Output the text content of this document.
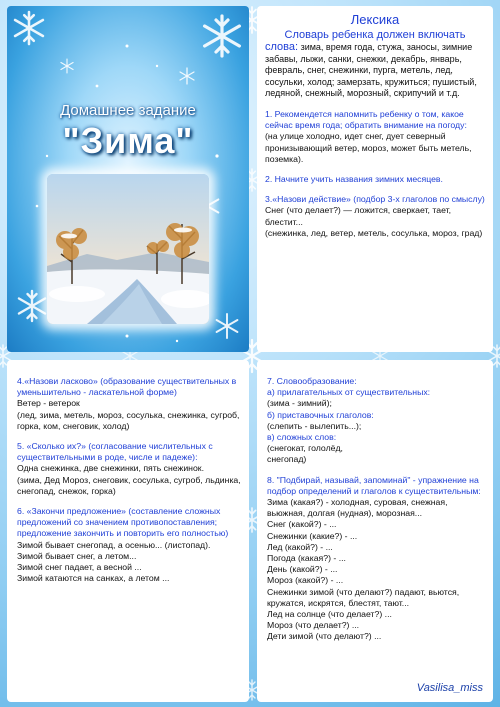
Домашнее задание
"Зима"

Лексика

Словарь ребенка должен включать

слова: зима, время года, стужа, заносы, зимние забавы, лыжи, санки, снежки, декабрь, январь, февраль, снег, снежинки, пурга, метель, лед, сосульки, холод; замерзать, кружиться; пушистый, ледяной, снежный, морозный, скрипучий и т.д.

1. Рекомендется напомнить ребенку о том, какое сейчас время года; обратить внимание на погоду:

(на улице холодно, идет снег, дует северный пронизывающий ветер, мороз, может быть метель, поземка).

2. Начните учить названия зимних месяцев.

3.«Назови действие» (подбор 3-х глаголов по смыслу)

Снег (что делает?) — ложится, сверкает, тает, блестит...

(снежинка, лед, ветер, метель, сосулька, мороз, град)

4.«Назови ласково» (образование существительных в уменьшительно - ласкательной форме)

Ветер - ветерок

(лед, зима, метель, мороз, сосулька, снежинка, сугроб, горка, ком, снеговик, холод)

5. «Сколько их?» (согласование числительных с существительными в роде, числе и падеже):

Одна снежинка, две снежинки, пять снежинок.

(зима, Дед Мороз, снеговик, сосулька, сугроб, льдинка, снегопад, снежок, горка)

6. «Закончи предложение» (составление сложных предложений со значением противопоставления;

предложение закончить и повторить его полностью)

Зимой бывает снегопад, а осенью... (листопад).

Зимой бывает снег, а летом...

Зимой снег падает, а весной ...

Зимой катаются на санках, а летом ...

7. Словообразование:

а) прилагательных от существительных:

(зима - зимний);

б) приставочных глаголов:

(слепить - вылепить...);

в) сложных слов:

(снегокат, гололёд,

снегопад)

8. "Подбирай, называй, запоминай" - упражнение на подбор определений и глаголов к существительным:

Зима (какая?) - холодная, суровая, снежная, вьюжная, долгая (нудная), морозная...

Снег (какой?) - ...

Снежинки (какие?) - ...

Лед (какой?) - ...

Погода (какая?) - ...

День (какой?) - ...

Мороз (какой?) - ...

Снежинки зимой (что делают?) падают, вьются, кружатся, искрятся, блестят, тают...

Лед на солнце (что делает?) ...

Мороз (что делает?) ...

Дети зимой (что делают?) ...

Vasilisa_miss
